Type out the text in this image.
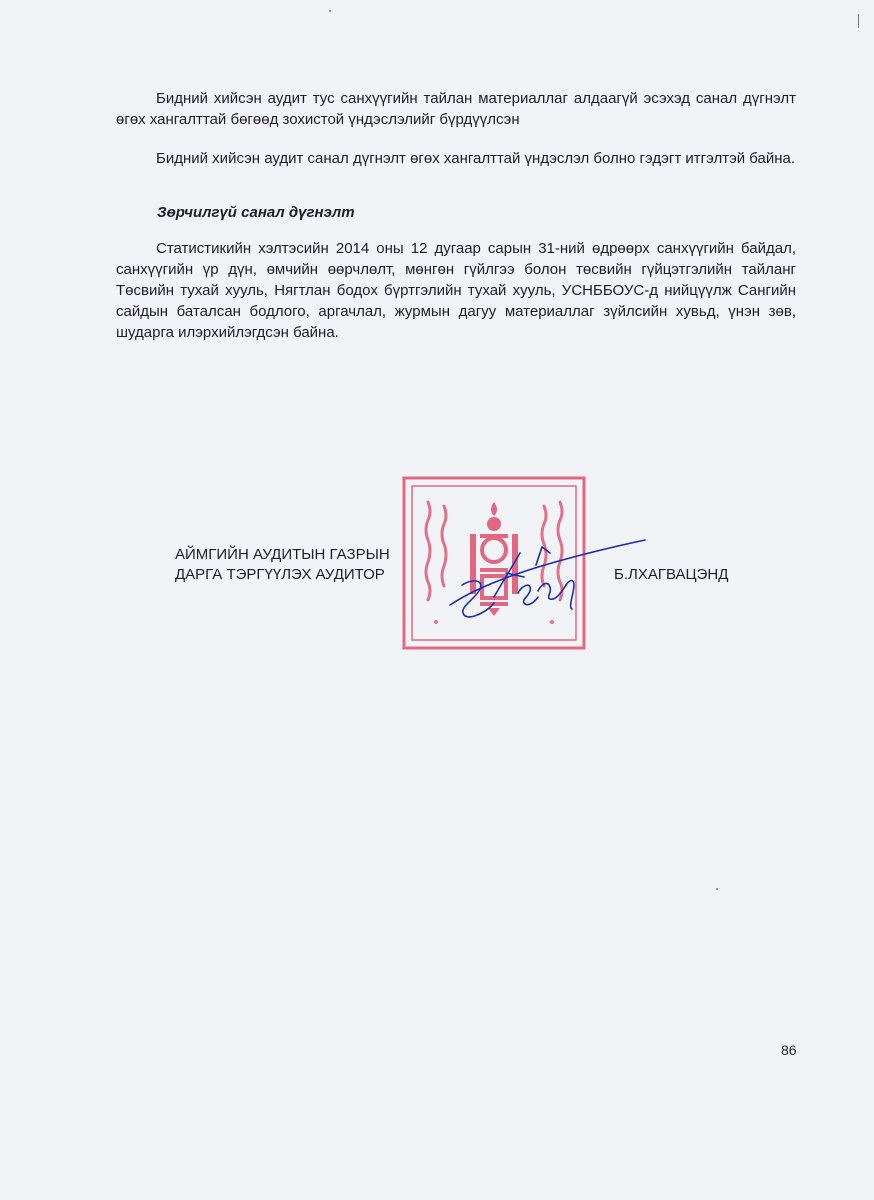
Бидний хийсэн аудит тус санхүүгийн тайлан материаллаг алдаагүй эсэхэд санал дүгнэлт өгөх хангалттай бөгөөд зохистой үндэслэлийг бүрдүүлсэн
Бидний хийсэн аудит санал дүгнэлт өгөх хангалттай үндэслэл болно гэдэгт итгэлтэй байна.
Зөрчилгүй санал дүгнэлт
Статистикийн хэлтэсийн 2014 оны 12 дугаар сарын 31-ний өдрөөрх санхүүгийн байдал, санхүүгийн үр дүн, өмчийн өөрчлөлт, мөнгөн гүйлгээ болон төсвийн гүйцэтгэлийн тайланг Төсвийн тухай хууль, Нягтлан бодох бүртгэлийн тухай хууль, УСНББОУС-д нийцүүлж Сангийн сайдын баталсан бодлого, аргачлал, журмын дагуу материаллаг зүйлсийн хувьд, үнэн зөв, шударга илэрхийлэгдсэн байна.
АЙМГИЙН АУДИТЫН ГАЗРЫН
ДАРГА ТЭРГҮҮЛЭХ АУДИТОР	Б.ЛХАГВАЦЭНД
86
